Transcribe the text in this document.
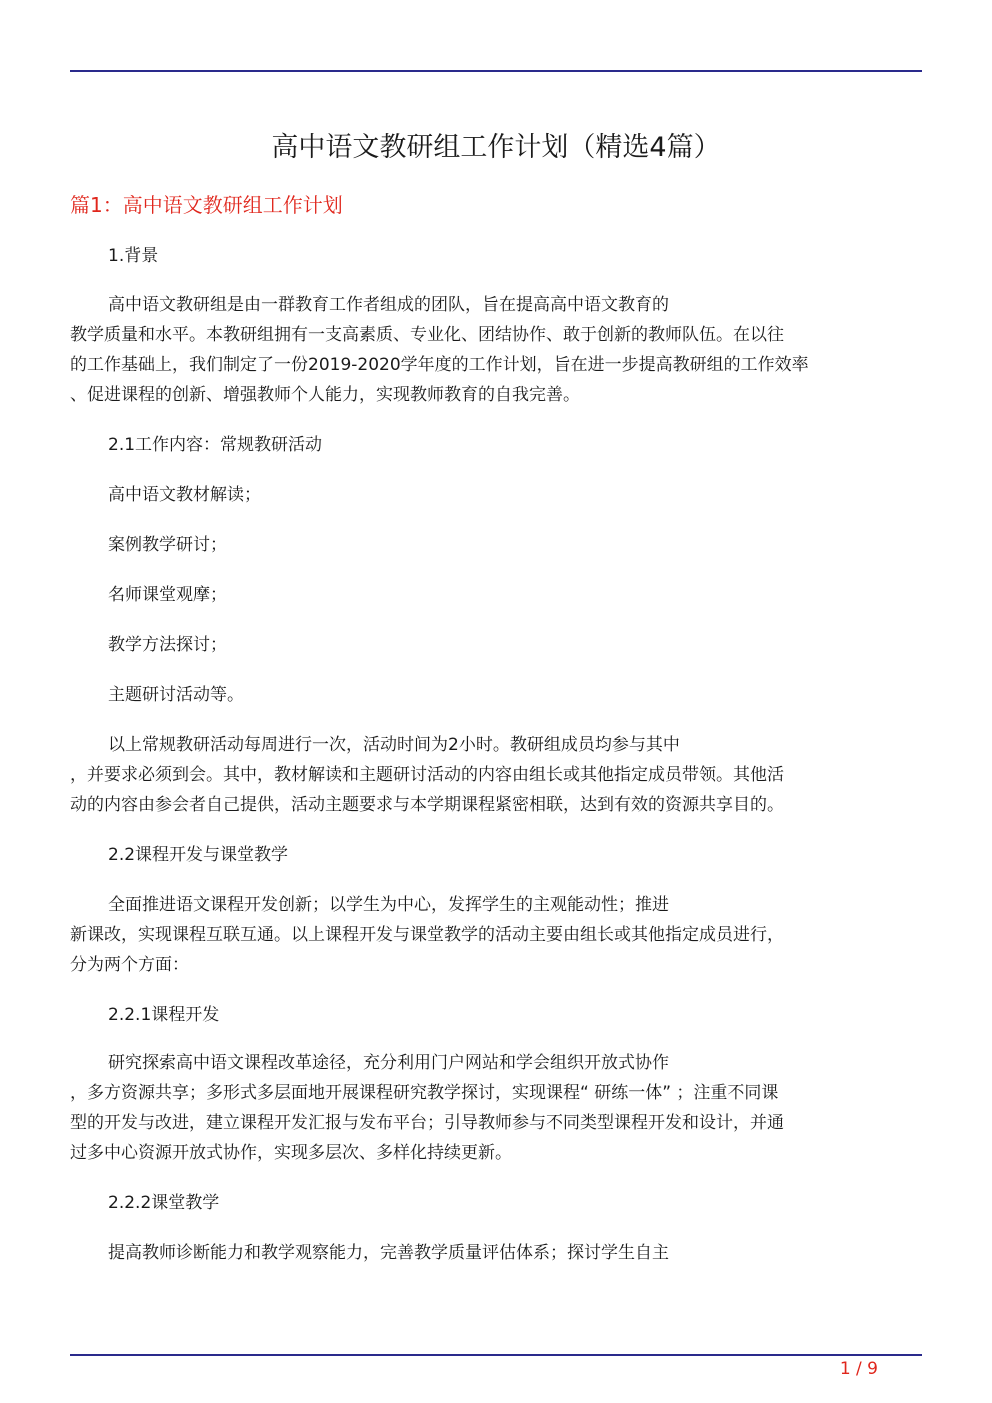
高中语文教研组工作计划（精选4篇）
篇1：高中语文教研组工作计划
1.背景
高中语文教研组是由一群教育工作者组成的团队，旨在提高高中语文教育的
教学质量和水平。本教研组拥有一支高素质、专业化、团结协作、敢于创新的教师队伍。在以往
的工作基础上，我们制定了一份2019-2020学年度的工作计划，旨在进一步提高教研组的工作效率
、促进课程的创新、增强教师个人能力，实现教师教育的自我完善。
2.1工作内容：常规教研活动
高中语文教材解读；
案例教学研讨；
名师课堂观摩；
教学方法探讨；
主题研讨活动等。
以上常规教研活动每周进行一次，活动时间为2小时。教研组成员均参与其中
，并要求必须到会。其中，教材解读和主题研讨活动的内容由组长或其他指定成员带领。其他活
动的内容由参会者自己提供，活动主题要求与本学期课程紧密相联，达到有效的资源共享目的。
2.2课程开发与课堂教学
全面推进语文课程开发创新；以学生为中心，发挥学生的主观能动性；推进
新课改，实现课程互联互通。以上课程开发与课堂教学的活动主要由组长或其他指定成员进行，
分为两个方面：
2.2.1课程开发
研究探索高中语文课程改革途径，充分利用门户网站和学会组织开放式协作
，多方资源共享；多形式多层面地开展课程研究教学探讨，实现课程“ 研练一体” ；注重不同课
型的开发与改进，建立课程开发汇报与发布平台；引导教师参与不同类型课程开发和设计，并通
过多中心资源开放式协作，实现多层次、多样化持续更新。
2.2.2课堂教学
提高教师诊断能力和教学观察能力，完善教学质量评估体系；探讨学生自主
1 / 9
